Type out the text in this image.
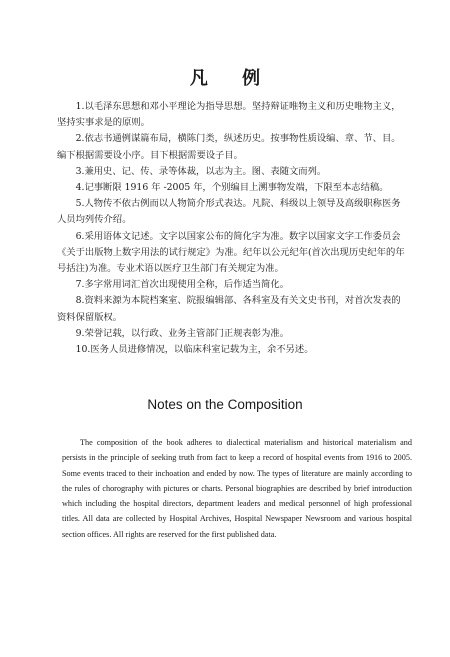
凡 例
1.以毛泽东思想和邓小平理论为指导思想。坚持辩证唯物主义和历史唯物主义，坚持实事求是的原则。
2.依志书通例谋篇布局，横陈门类，纵述历史。按事物性质设编、章、节、目。编下根据需要设小序。目下根据需要设子目。
3.兼用史、记、传、录等体裁，以志为主。图、表随文而列。
4.记事断限 1916 年 -2005 年，个别编目上溯事物发端，下限至本志结稿。
5.人物传不依古例而以人物简介形式表达。凡院、科级以上领导及高级职称医务人员均列传介绍。
6.采用语体文记述。文字以国家公布的简化字为准。数字以国家文字工作委员会《关于出版物上数字用法的试行规定》为准。纪年以公元纪年(首次出现历史纪年的年号括注)为准。专业术语以医疗卫生部门有关规定为准。
7.多字常用词汇首次出现使用全称，后作适当简化。
8.资料来源为本院档案室、院报编辑部、各科室及有关文史书刊，对首次发表的资料保留版权。
9.荣誉记载，以行政、业务主管部门正规表彰为准。
10.医务人员进修情况，以临床科室记载为主，余不另述。
Notes on the Composition

The composition of the book adheres to dialectical materialism and historical materialism and persists in the principle of seeking truth from fact to keep a record of hospital events from 1916 to 2005. Some events traced to their inchoation and ended by now. The types of literature are mainly according to the rules of chorography with pictures or charts. Personal biographies are described by brief introduction which including the hospital directors, department leaders and medical personnel of high professional titles. All data are collected by Hospital Archives, Hospital Newspaper Newsroom and various hospital section offices. All rights are reserved for the first published data.
